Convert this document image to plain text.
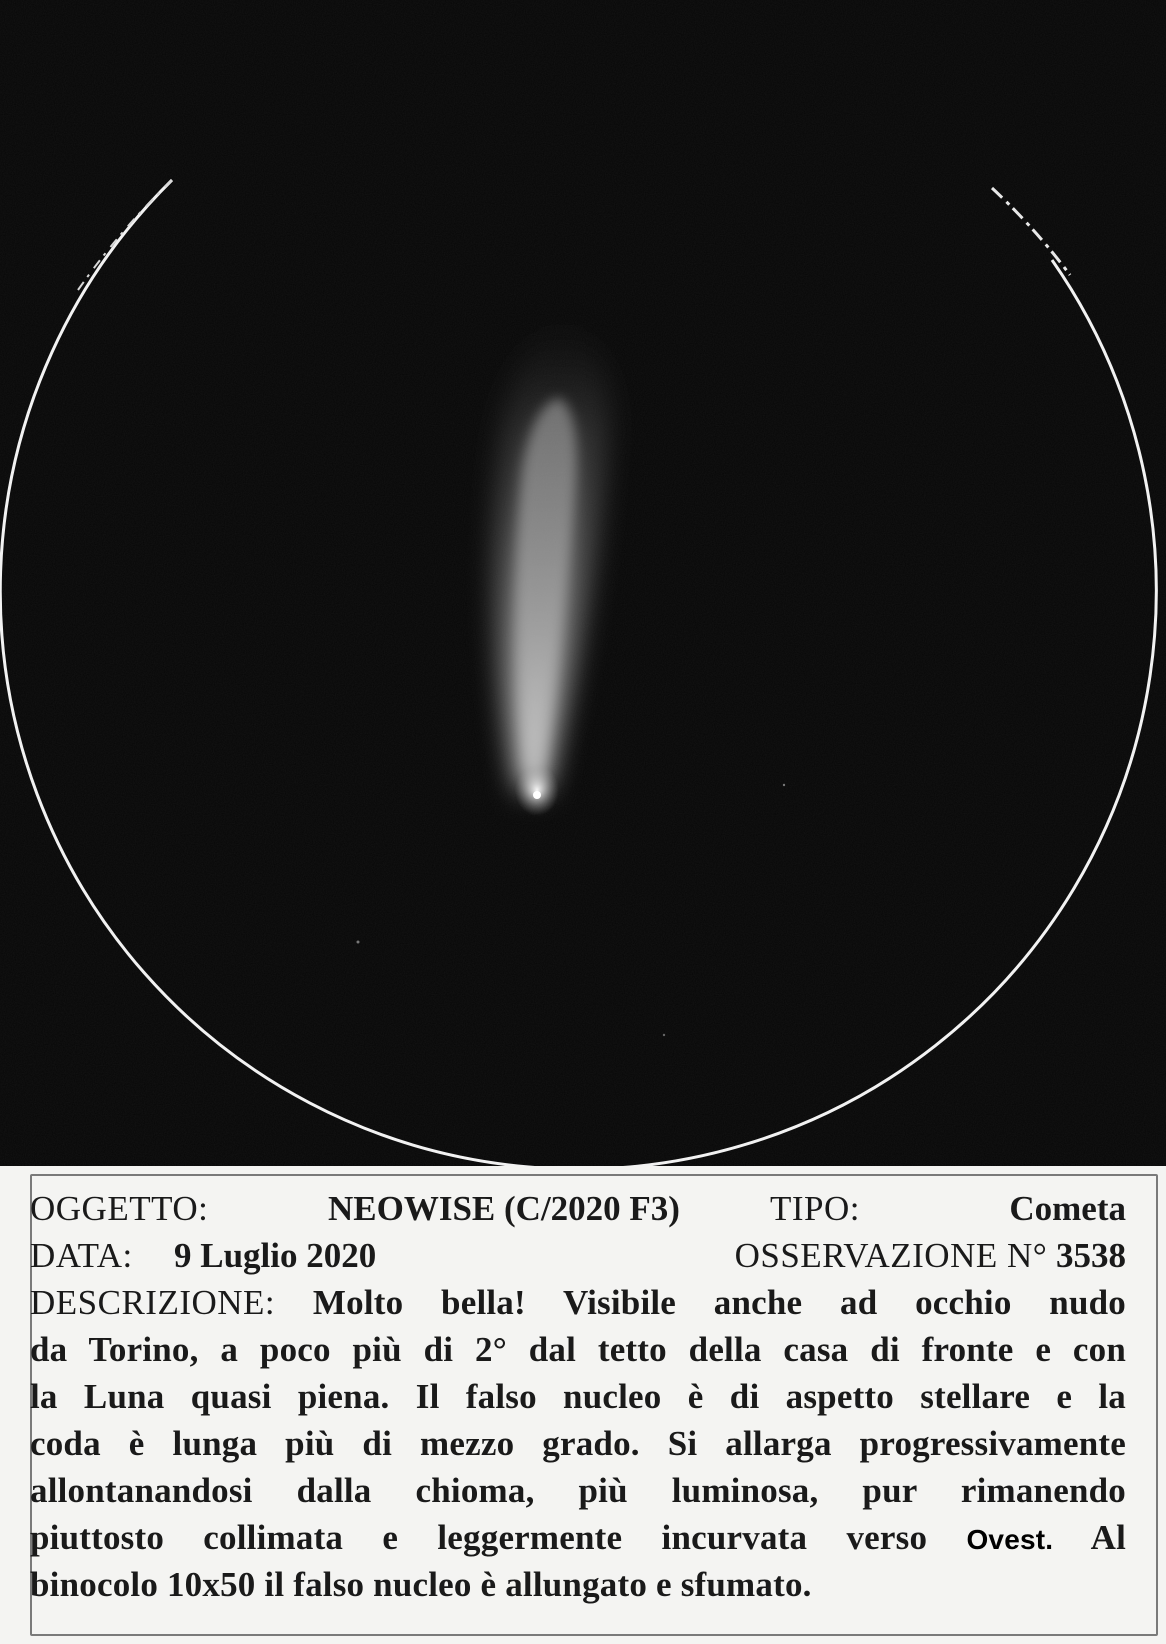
OGGETTO:	NEOWISE (C/2020 F3)	TIPO:	Cometa
DATA: 9 Luglio 2020	OSSERVAZIONE N° 3538
DESCRIZIONE: Molto bella! Visibile anche ad occhio nudo
da Torino, a poco più di 2° dal tetto della casa di fronte e con
la Luna quasi piena. Il falso nucleo è di aspetto stellare e la
coda è lunga più di mezzo grado. Si allarga progressivamente
allontanandosi dalla chioma, più luminosa, pur rimanendo
piuttosto collimata e leggermente incurvata verso Ovest. Al
binocolo 10x50 il falso nucleo è allungato e sfumato.
